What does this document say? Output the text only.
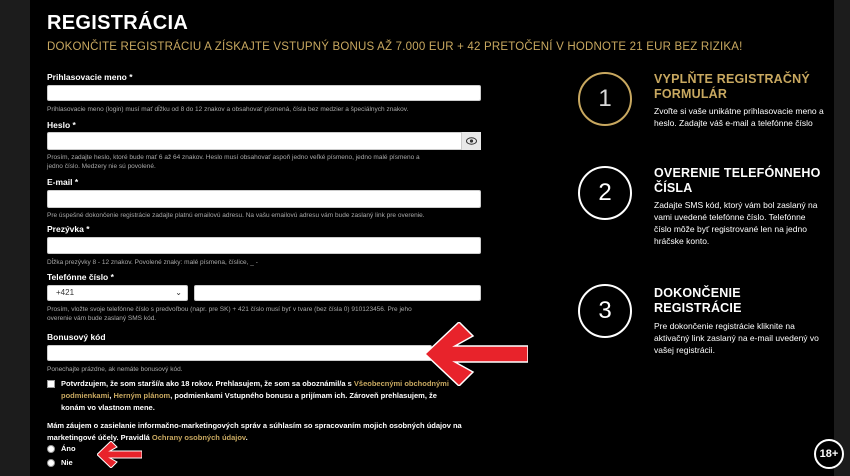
REGISTRÁCIA
DOKONČITE REGISTRÁCIU A ZÍSKAJTE VSTUPNÝ BONUS AŽ 7.000 EUR + 42 PRETOČENÍ V HODNOTE 21 EUR BEZ RIZIKA!
Prihlasovacie meno *
Prihlasovacie meno (login) musí mať dĺžku od 8 do 12 znakov a obsahovať písmená, čísla bez medzier a špeciálnych znakov.
Heslo *
Prosím, zadajte heslo, ktoré bude mať 6 až 64 znakov. Heslo musí obsahovať aspoň jedno veľké písmeno, jedno malé písmeno a
jedno číslo. Medzery nie sú povolené.
E-mail *
Pre úspešné dokončenie registrácie zadajte platnú emailovú adresu. Na vašu emailovú adresu vám bude zaslaný link pre overenie.
Prezývka *
Dĺžka prezývky 8 - 12 znakov. Povolené znaky: malé písmena, číslice, _ -
Telefónne číslo *
+421	⌄
Prosím, vložte svoje telefónne číslo s predvoľbou (napr. pre SK) + 421 číslo musí byť v tvare (bez čísla 0) 910123456. Pre jeho
overenie vám bude zaslaný SMS kód.
Bonusový kód
Ponechajte prázdne, ak nemáte bonusový kód.
Potvrdzujem, že som starší/a ako 18 rokov. Prehlasujem, že som sa oboznámil/a s Všeobecnými obchodnými podmienkami, Herným plánom, podmienkami Vstupného bonusu a prijímam ich. Zároveň prehlasujem, že konám vo vlastnom mene.
Mám záujem o zasielanie informačno-marketingových správ a súhlasím so spracovaním mojich osobných údajov na marketingové účely. Pravidlá Ochrany osobných údajov.
Áno
Nie
1
VYPLŇTE REGISTRAČNÝ FORMULÁR
Zvoľte si vaše unikátne prihlasovacie meno a heslo. Zadajte váš e-mail a telefónne číslo
2
OVERENIE TELEFÓNNEHO ČÍSLA
Zadajte SMS kód, ktorý vám bol zaslaný na vami uvedené telefónne číslo. Telefónne číslo môže byť registrované len na jedno hráčske konto.
3
DOKONČENIE REGISTRÁCIE
Pre dokončenie registrácie kliknite na aktivačný link zaslaný na e-mail uvedený vo vašej registrácii.
18+
